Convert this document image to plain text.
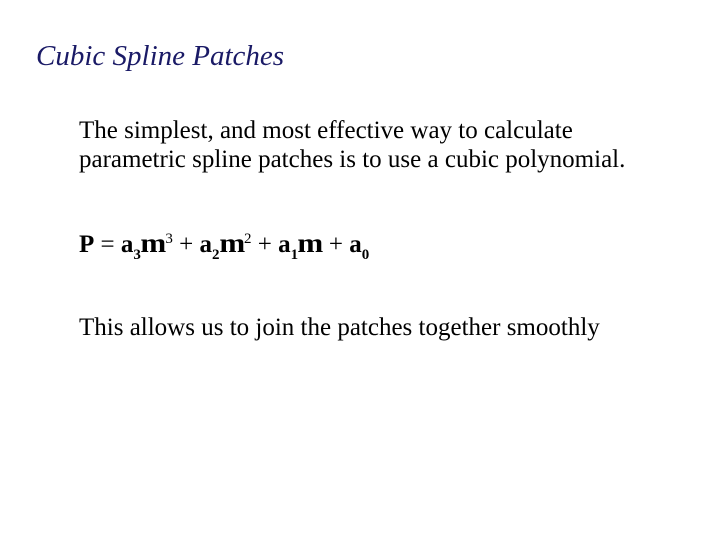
Cubic Spline Patches
The simplest, and most effective way to calculate
parametric spline patches is to use a cubic polynomial.
$P = a_3m^3 + a_2m^2 + a_1m + a_0$
This allows us to join the patches together smoothly
